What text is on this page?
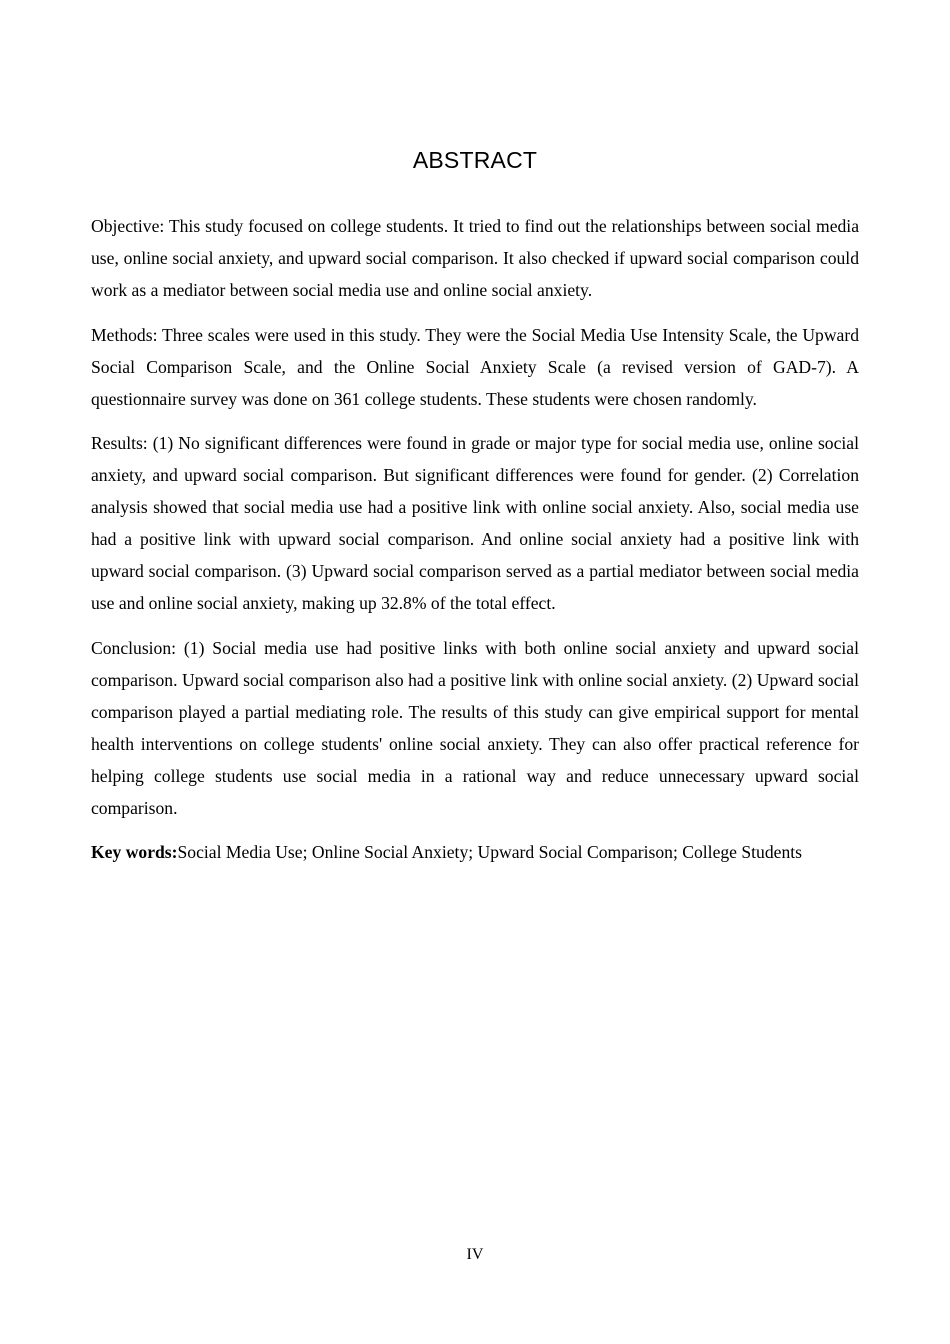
ABSTRACT

Objective: This study focused on college students. It tried to find out the relationships between social media use, online social anxiety, and upward social comparison. It also checked if upward social comparison could work as a mediator between social media use and online social anxiety.

Methods: Three scales were used in this study. They were the Social Media Use Intensity Scale, the Upward Social Comparison Scale, and the Online Social Anxiety Scale (a revised version of GAD-7). A questionnaire survey was done on 361 college students. These students were chosen randomly.

Results: (1) No significant differences were found in grade or major type for social media use, online social anxiety, and upward social comparison. But significant differences were found for gender. (2) Correlation analysis showed that social media use had a positive link with online social anxiety. Also, social media use had a positive link with upward social comparison. And online social anxiety had a positive link with upward social comparison. (3) Upward social comparison served as a partial mediator between social media use and online social anxiety, making up 32.8% of the total effect.

Conclusion: (1) Social media use had positive links with both online social anxiety and upward social comparison. Upward social comparison also had a positive link with online social anxiety. (2) Upward social comparison played a partial mediating role. The results of this study can give empirical support for mental health interventions on college students' online social anxiety. They can also offer practical reference for helping college students use social media in a rational way and reduce unnecessary upward social comparison.

Key words:Social Media Use; Online Social Anxiety; Upward Social Comparison; College Students

IV
